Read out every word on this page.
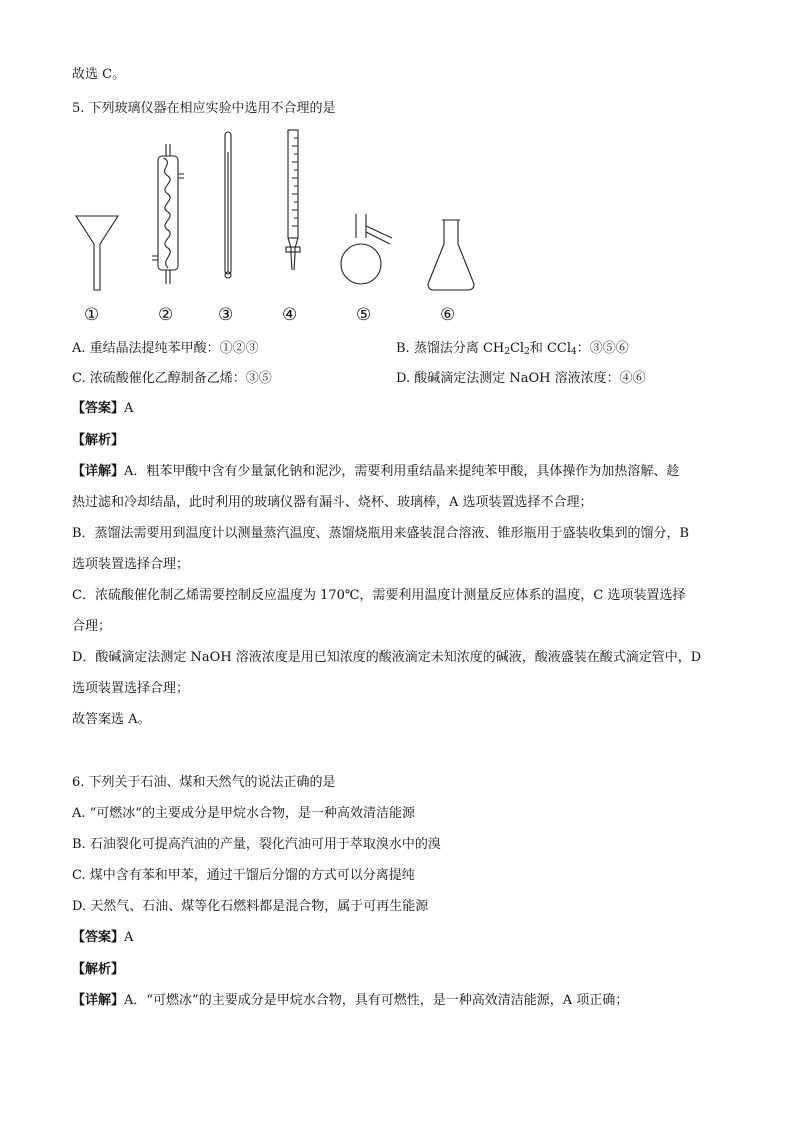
故选 C。
5. 下列玻璃仪器在相应实验中选用不合理的是
①	②	③	④	⑤	⑥
A. 重结晶法提纯苯甲酸：①②③	B. 蒸馏法分离 $CH_2Cl_2$和 CCl$_4$：③⑤⑥
C. 浓硫酸催化乙醇制备乙烯：③⑤	D. 酸碱滴定法测定 NaOH 溶液浓度：④⑥
【答案】A
【解析】
【详解】A．粗苯甲酸中含有少量氯化钠和泥沙，需要利用重结晶来提纯苯甲酸，具体操作为加热溶解、趁
热过滤和冷却结晶，此时利用的玻璃仪器有漏斗、烧杯、玻璃棒，A 选项装置选择不合理；
B．蒸馏法需要用到温度计以测量蒸汽温度、蒸馏烧瓶用来盛装混合溶液、锥形瓶用于盛装收集到的馏分，B
选项装置选择合理；
C．浓硫酸催化制乙烯需要控制反应温度为 170℃，需要利用温度计测量反应体系的温度，C 选项装置选择
合理；
D．酸碱滴定法测定 NaOH 溶液浓度是用已知浓度的酸液滴定未知浓度的碱液，酸液盛装在酸式滴定管中，D
选项装置选择合理；
故答案选 A。
6. 下列关于石油、煤和天然气的说法正确的是
A. “可燃冰”的主要成分是甲烷水合物，是一种高效清洁能源
B. 石油裂化可提高汽油的产量，裂化汽油可用于萃取溴水中的溴
C. 煤中含有苯和甲苯，通过干馏后分馏的方式可以分离提纯
D. 天然气、石油、煤等化石燃料都是混合物，属于可再生能源
【答案】A
【解析】
【详解】A．“可燃冰”的主要成分是甲烷水合物，具有可燃性，是一种高效清洁能源，A 项正确；
